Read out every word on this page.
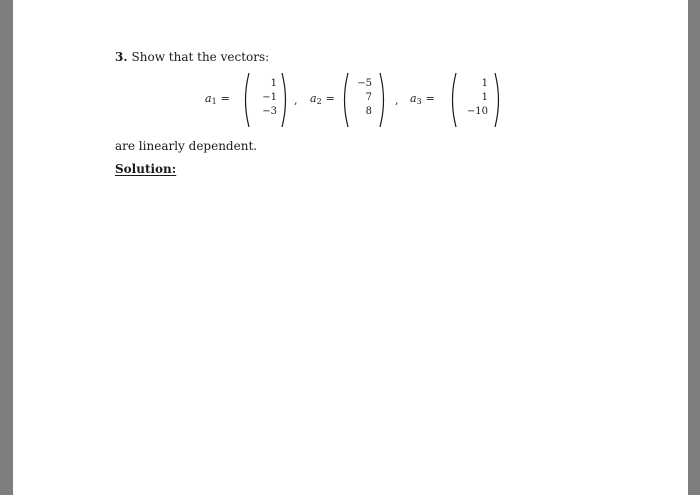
3. Show that the vectors:
$a_1$ =
1
−1
−3
, $a_2$ =
−5
7
8
, $a_3$ =
1
1
−10
are linearly dependent.
Solution:
